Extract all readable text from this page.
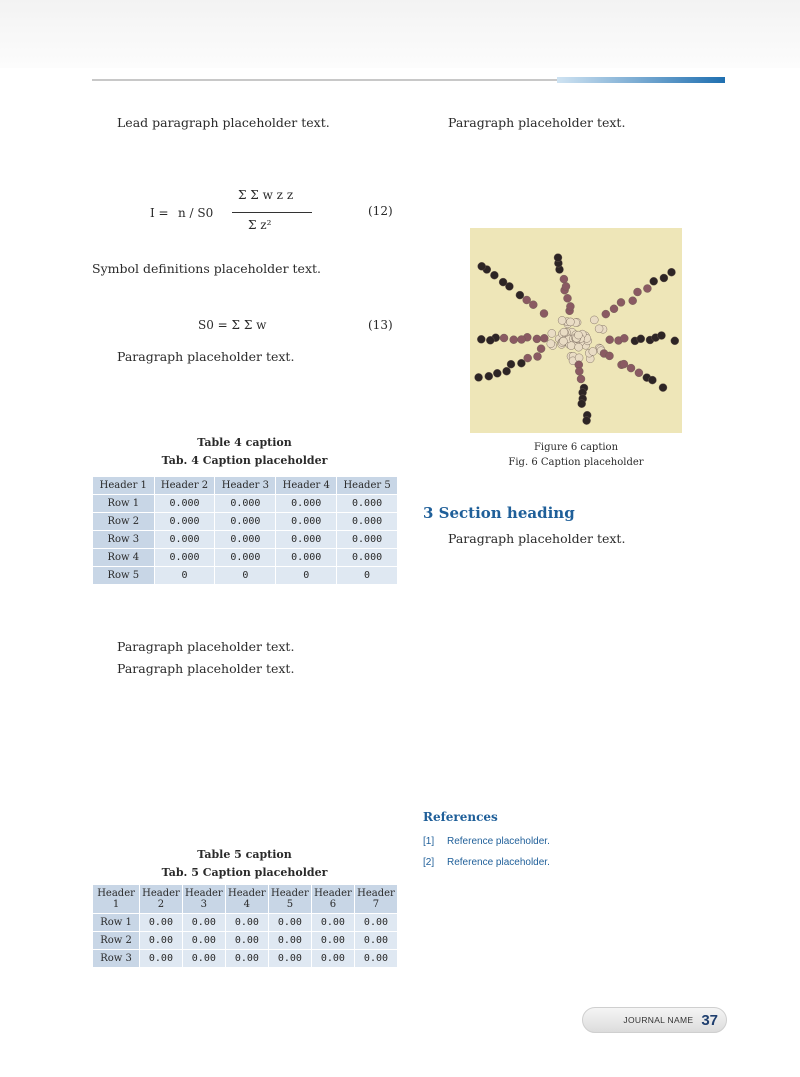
Lead paragraph placeholder text.

I = n / S0
Σ Σ w z z
Σ z²
(12)

Symbol definitions placeholder text.

S0 = Σ Σ w	(13)

Paragraph placeholder text.

Table 4 caption
Tab. 4 Caption placeholder
Header 1	Header 2	Header 3	Header 4	Header 5
Row 1	0.000	0.000	0.000	0.000
Row 2	0.000	0.000	0.000	0.000
Row 3	0.000	0.000	0.000	0.000
Row 4	0.000	0.000	0.000	0.000
Row 5	0	0	0	0

Paragraph placeholder text.

Paragraph placeholder text.

Table 5 caption
Tab. 5 Caption placeholder
Header 1	Header 2	Header 3	Header 4	Header 5	Header 6	Header 7
Row 1	0.00	0.00	0.00	0.00	0.00	0.00
Row 2	0.00	0.00	0.00	0.00	0.00	0.00
Row 3	0.00	0.00	0.00	0.00	0.00	0.00

Paragraph placeholder text.

Figure 6 caption
Fig. 6 Caption placeholder
3 Section heading

Paragraph placeholder text.

References
[1]	Reference placeholder.
[2]	Reference placeholder.
JOURNAL NAME 37
